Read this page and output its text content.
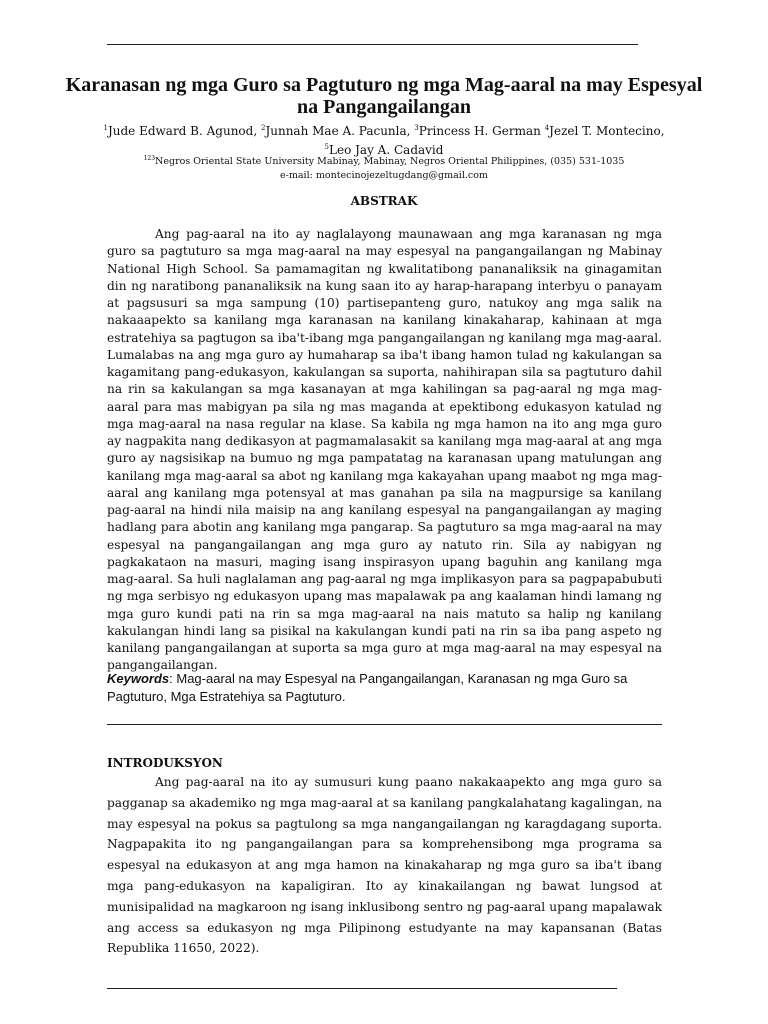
Karanasan ng mga Guro sa Pagtuturo ng mga Mag-aaral na may Espesyal na Pangangailangan
$^1$Jude Edward B. Agunod, $^2$Junnah Mae A. Pacunla, $^3$Princess H. German $^4$Jezel T. Montecino,
$^5$Leo Jay A. Cadavid
$^{123}$Negros Oriental State University Mabinay, Mabinay, Negros Oriental Philippines, (035) 531-1035
e-mail: montecinojezeltugdang@gmail.com
ABSTRAK

Ang pag-aaral na ito ay naglalayong maunawaan ang mga karanasan ng mga guro sa pagtuturo sa mga mag-aaral na may espesyal na pangangailangan ng Mabinay National High School. Sa pamamagitan ng kwalitatibong pananaliksik na ginagamitan din ng naratibong pananaliksik na kung saan ito ay harap-harapang interbyu o panayam at pagsusuri sa mga sampung (10) partisepanteng guro, natukoy ang mga salik na nakaaapekto sa kanilang mga karanasan na kanilang kinakaharap, kahinaan at mga estratehiya sa pagtugon sa iba't-ibang mga pangangailangan ng kanilang mga mag-aaral. Lumalabas na ang mga guro ay humaharap sa iba't ibang hamon tulad ng kakulangan sa kagamitang pang-edukasyon, kakulangan sa suporta, nahihirapan sila sa pagtuturo dahil na rin sa kakulangan sa mga kasanayan at mga kahilingan sa pag-aaral ng mga mag-aaral para mas mabigyan pa sila ng mas maganda at epektibong edukasyon katulad ng mga mag-aaral na nasa regular na klase. Sa kabila ng mga hamon na ito ang mga guro ay nagpakita nang dedikasyon at pagmamalasakit sa kanilang mga mag-aaral at ang mga guro ay nagsisikap na bumuo ng mga pampatatag na karanasan upang matulungan ang kanilang mga mag-aaral sa abot ng kanilang mga kakayahan upang maabot ng mga mag-aaral ang kanilang mga potensyal at mas ganahan pa sila na magpursige sa kanilang pag-aaral na hindi nila maisip na ang kanilang espesyal na pangangailangan ay maging hadlang para abotin ang kanilang mga pangarap. Sa pagtuturo sa mga mag-aaral na may espesyal na pangangailangan ang mga guro ay natuto rin. Sila ay nabigyan ng pagkakataon na masuri, maging isang inspirasyon upang baguhin ang kanilang mga mag-aaral. Sa huli naglalaman ang pag-aaral ng mga implikasyon para sa pagpapabubuti ng mga serbisyo ng edukasyon upang mas mapalawak pa ang kaalaman hindi lamang ng mga guro kundi pati na rin sa mga mag-aaral na nais matuto sa halip ng kanilang kakulangan hindi lang sa pisikal na kakulangan kundi pati na rin sa iba pang aspeto ng kanilang pangangailangan at suporta sa mga guro at mga mag-aaral na may espesyal na pangangailangan.

Keywords: Mag-aaral na may Espesyal na Pangangailangan, Karanasan ng mga Guro sa Pagtuturo, Mga Estratehiya sa Pagtuturo.

INTRODUKSYON

Ang pag-aaral na ito ay sumusuri kung paano nakakaapekto ang mga guro sa pagganap sa akademiko ng mga mag-aaral at sa kanilang pangkalahatang kagalingan, na may espesyal na pokus sa pagtulong sa mga nangangailangan ng karagdagang suporta. Nagpapakita ito ng pangangailangan para sa komprehensibong mga programa sa espesyal na edukasyon at ang mga hamon na kinakaharap ng mga guro sa iba't ibang mga pang-edukasyon na kapaligiran. Ito ay kinakailangan ng bawat lungsod at munisipalidad na magkaroon ng isang inklusibong sentro ng pag-aaral upang mapalawak ang access sa edukasyon ng mga Pilipinong estudyante na may kapansanan (Batas Republika 11650, 2022).
